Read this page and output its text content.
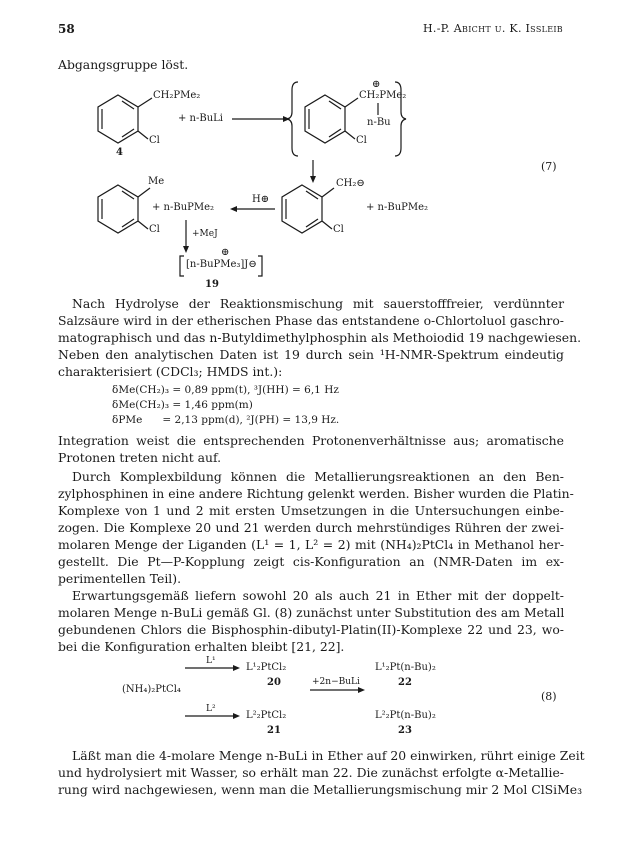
58	H.-P. Abicht u. K. Issleib
Abgangsgruppe löst.
CH₂PMe₂
Cl
4
+ n-BuLi
⊕
CH₂PMe₂
n-Bu
Cl
Me
Cl
+ n-BuPMe₂
H⊕
CH₂⊖
Cl
+ n-BuPMe₂
+MeJ
⊕
[n-BuPMe₃]J⊖
19
(7)
Nach Hydrolyse der Reaktionsmischung mit sauerstofffreier, verdünnter
Salzsäure wird in der etherischen Phase das entstandene o-Chlortoluol gaschro-
matographisch und das n-Butyldimethylphosphin als Methoiodid 19 nachgewiesen.
Neben den analytischen Daten ist 19 durch sein ¹H-NMR-Spektrum eindeutig
charakterisiert (CDCl₃; HMDS int.):
δMe(CH₂)₃ = 0,89 ppm(t), ³J(HH) = 6,1 Hz
δMe(CH₂)₃ = 1,46 ppm(m)
δPMe      = 2,13 ppm(d), ²J(PH) = 13,9 Hz.
Integration weist die entsprechenden Protonenverhältnisse aus; aromatische
Protonen treten nicht auf.
Durch Komplexbildung können die Metallierungsreaktionen an den Ben-
zylphosphinen in eine andere Richtung gelenkt werden. Bisher wurden die Platin-
Komplexe von 1 und 2 mit ersten Umsetzungen in die Untersuchungen einbe-
zogen. Die Komplexe 20 und 21 werden durch mehrstündiges Rühren der zwei-
molaren Menge der Liganden (L¹ = 1, L² = 2) mit (NH₄)₂PtCl₄ in Methanol her-
gestellt. Die Pt—P-Kopplung zeigt cis-Konfiguration an (NMR-Daten im ex-
perimentellen Teil).
Erwartungsgemäß liefern sowohl 20 als auch 21 in Ether mit der doppelt-
molaren Menge n-BuLi gemäß Gl. (8) zunächst unter Substitution des am Metall
gebundenen Chlors die Bisphosphin-dibutyl-Platin(II)-Komplexe 22 und 23, wo-
bei die Konfiguration erhalten bleibt [21, 22].
(NH₄)₂PtCl₄
L¹
L²
L¹₂PtCl₂
20
L²₂PtCl₂
21
+2n−BuLi
L¹₂Pt(n-Bu)₂
22
L²₂Pt(n-Bu)₂
23
(8)
Läßt man die 4-molare Menge n-BuLi in Ether auf 20 einwirken, rührt einige Zeit
und hydrolysiert mit Wasser, so erhält man 22. Die zunächst erfolgte α-Metallie-
rung wird nachgewiesen, wenn man die Metallierungsmischung mir 2 Mol ClSiMe₃
